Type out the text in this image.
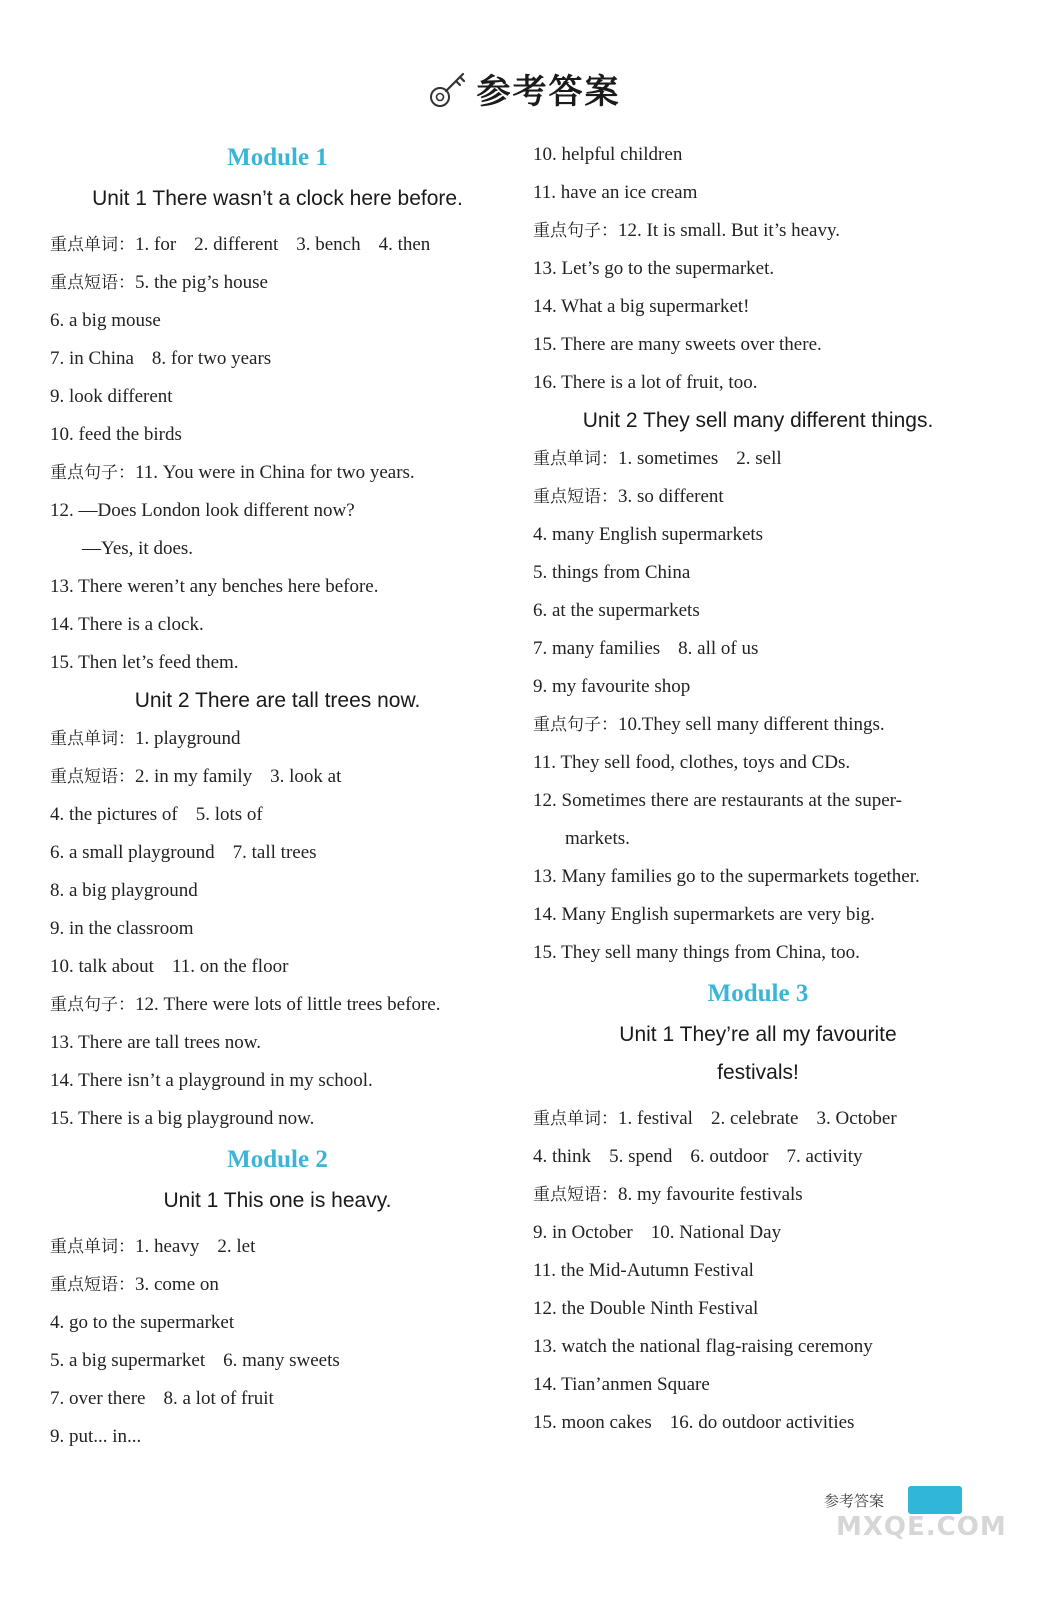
参考答案
Module 1
Unit 1 There wasn’t a clock here before.
重点单词：1. for 2. different 3. bench 4. then
重点短语：5. the pig’s house
6. a big mouse
7. in China 8. for two years
9. look different
10. feed the birds
重点句子：11. You were in China for two years.
12. —Does London look different now?
—Yes, it does.
13. There weren’t any benches here before.
14. There is a clock.
15. Then let’s feed them.
Unit 2 There are tall trees now.
重点单词：1. playground
重点短语：2. in my family 3. look at
4. the pictures of 5. lots of
6. a small playground 7. tall trees
8. a big playground
9. in the classroom
10. talk about 11. on the floor
重点句子：12. There were lots of little trees before.
13. There are tall trees now.
14. There isn’t a playground in my school.
15. There is a big playground now.
Module 2
Unit 1 This one is heavy.
重点单词：1. heavy 2. let
重点短语：3. come on
4. go to the supermarket
5. a big supermarket 6. many sweets
7. over there 8. a lot of fruit
9. put... in...
10. helpful children
11. have an ice cream
重点句子：12. It is small. But it’s heavy.
13. Let’s go to the supermarket.
14. What a big supermarket!
15. There are many sweets over there.
16. There is a lot of fruit, too.
Unit 2 They sell many different things.
重点单词：1. sometimes 2. sell
重点短语：3. so different
4. many English supermarkets
5. things from China
6. at the supermarkets
7. many families 8. all of us
9. my favourite shop
重点句子：10.They sell many different things.
11. They sell food, clothes, toys and CDs.
12. Sometimes there are restaurants at the super-
markets.
13. Many families go to the supermarkets together.
14. Many English supermarkets are very big.
15. They sell many things from China, too.
Module 3
Unit 1 They’re all my favourite
festivals!
重点单词：1. festival 2. celebrate 3. October
4. think 5. spend 6. outdoor 7. activity
重点短语：8. my favourite festivals
9. in October 10. National Day
11. the Mid-Autumn Festival
12. the Double Ninth Festival
13. watch the national flag-raising ceremony
14. Tian’anmen Square
15. moon cakes 16. do outdoor activities
参考答案
MXQE.COM
